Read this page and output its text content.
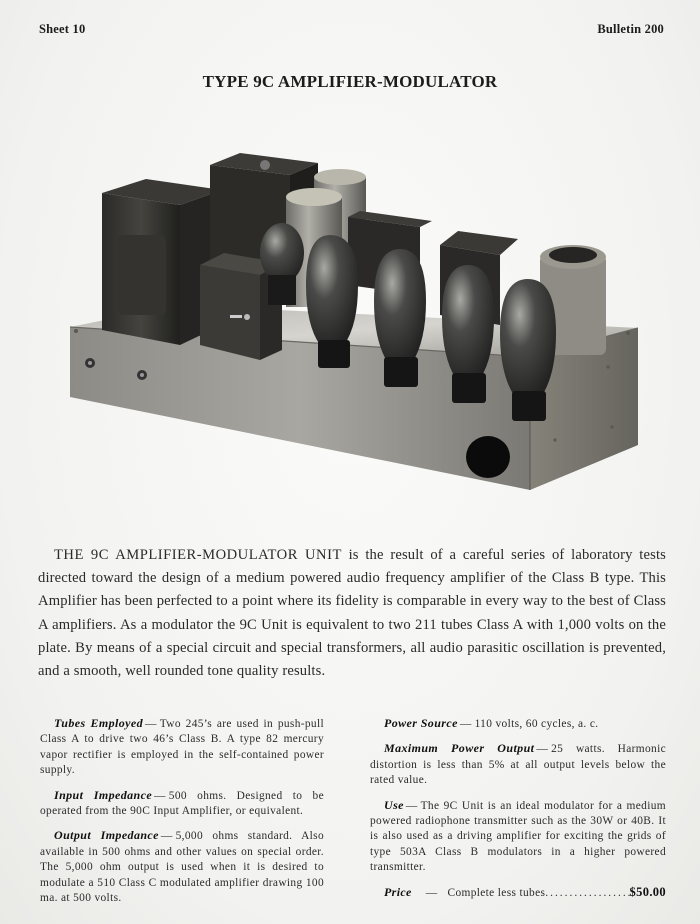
Sheet 10	Bulletin 200
TYPE 9C AMPLIFIER-MODULATOR
THE 9C AMPLIFIER-MODULATOR UNIT is the result of a careful series of laboratory tests directed toward the design of a medium powered audio frequency amplifier of the Class B type. This Amplifier has been perfected to a point where its fidelity is comparable in every way to the best of Class A amplifiers. As a modulator the 9C Unit is equivalent to two 211 tubes Class A with 1,000 volts on the plate. By means of a special circuit and special transformers, all audio parasitic oscillation is prevented, and a smooth, well rounded tone quality results.

Tubes Employed — Two 245’s are used in push-pull Class A to drive two 46’s Class B. A type 82 mercury vapor rectifier is employed in the self-contained power supply.

Input Impedance — 500 ohms. Designed to be operated from the 90C Input Amplifier, or equivalent.

Output Impedance — 5,000 ohms standard. Also available in 500 ohms and other values on special order. The 5,000 ohm output is used when it is desired to modulate a 510 Class C modulated amplifier drawing 100 ma. at 500 volts.

Power Source — 110 volts, 60 cycles, a. c.

Maximum Power Output — 25 watts. Harmonic distortion is less than 5% at all output levels below the rated value.

Use — The 9C Unit is an ideal modulator for a medium powered radiophone transmitter such as the 30W or 40B. It is also used as a driving amplifier for exciting the grids of type 503A Class B modulators in a higher powered transmitter.

Price	— Complete less tubes .....	$50.00
